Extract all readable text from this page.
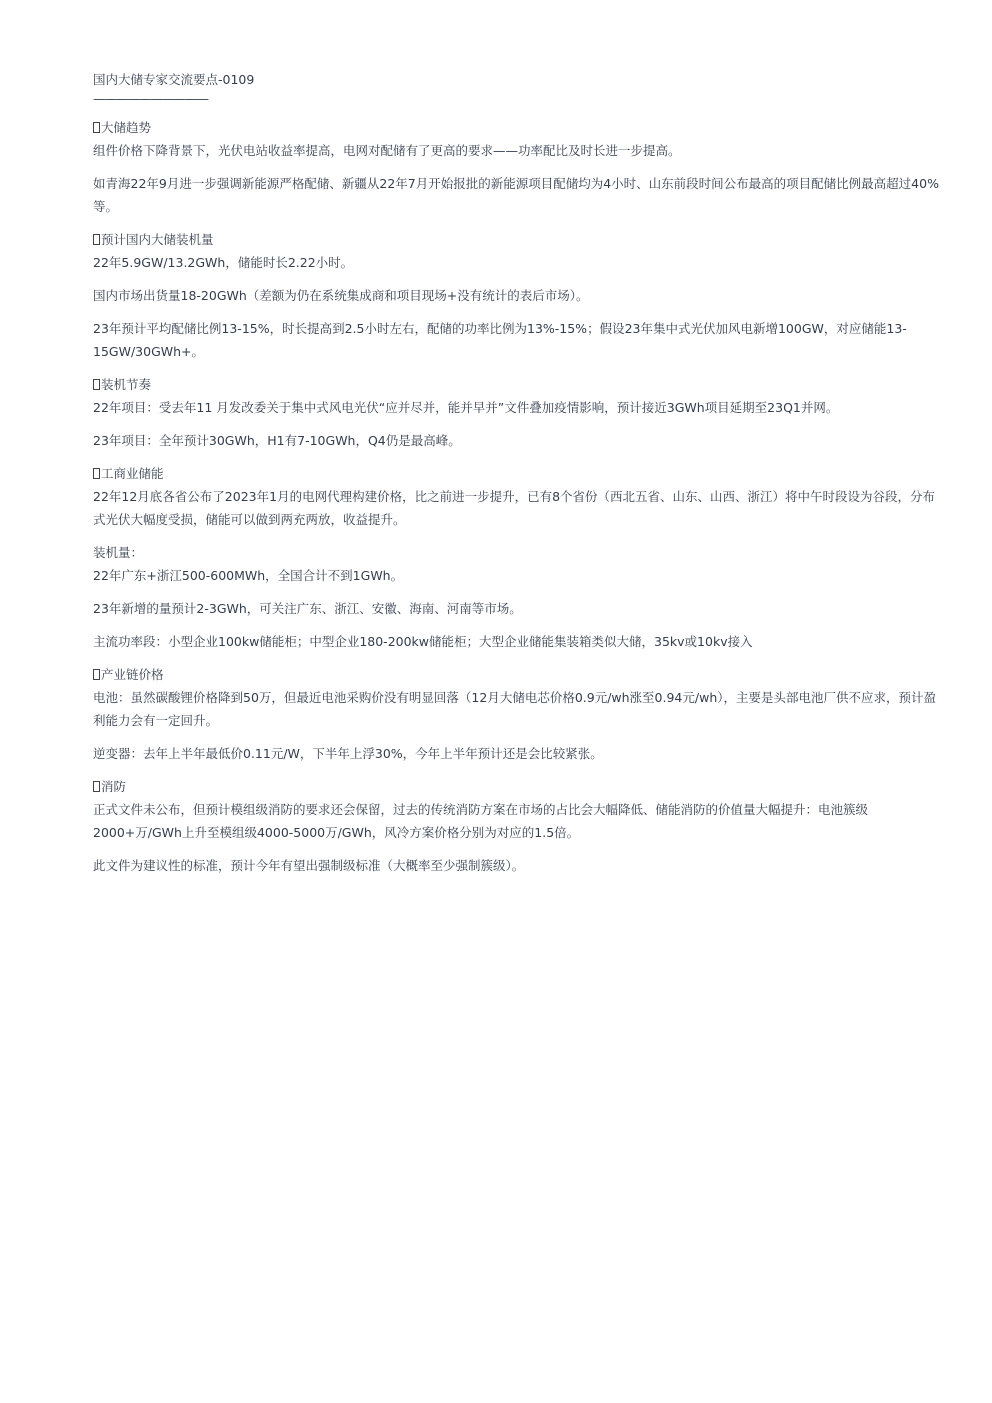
国内大储专家交流要点-0109
——————————
大储趋势
组件价格下降背景下，光伏电站收益率提高，电网对配储有了更高的要求——功率配比及时长进一步提高。
如青海22年9月进一步强调新能源严格配储、新疆从22年7月开始报批的新能源项目配储均为4小时、山东前段时间公布最高的项目配储比例最高超过40%等。
预计国内大储装机量
22年5.9GW/13.2GWh，储能时长2.22小时。
国内市场出货量18-20GWh（差额为仍在系统集成商和项目现场+没有统计的表后市场）。
23年预计平均配储比例13-15%，时长提高到2.5小时左右，配储的功率比例为13%-15%；假设23年集中式光伏加风电新增100GW，对应储能13-15GW/30GWh+。
装机节奏
22年项目：受去年11 月发改委关于集中式风电光伏“应并尽并，能并早并”文件叠加疫情影响，预计接近3GWh项目延期至23Q1并网。
23年项目：全年预计30GWh，H1有7-10GWh，Q4仍是最高峰。
工商业储能
22年12月底各省公布了2023年1月的电网代理构建价格，比之前进一步提升，已有8个省份（西北五省、山东、山西、浙江）将中午时段设为谷段，分布式光伏大幅度受损，储能可以做到两充两放，收益提升。
装机量：
22年广东+浙江500-600MWh，全国合计不到1GWh。
23年新增的量预计2-3GWh，可关注广东、浙江、安徽、海南、河南等市场。
主流功率段：小型企业100kw储能柜；中型企业180-200kw储能柜；大型企业储能集装箱类似大储，35kv或10kv接入
产业链价格
电池：虽然碳酸锂价格降到50万，但最近电池采购价没有明显回落（12月大储电芯价格0.9元/wh涨至0.94元/wh），主要是头部电池厂供不应求，预计盈利能力会有一定回升。
逆变器：去年上半年最低价0.11元/W，下半年上浮30%，今年上半年预计还是会比较紧张。
消防
正式文件未公布，但预计模组级消防的要求还会保留，过去的传统消防方案在市场的占比会大幅降低、储能消防的价值量大幅提升：电池簇级2000+万/GWh上升至模组级4000-5000万/GWh，风冷方案价格分别为对应的1.5倍。
此文件为建议性的标准，预计今年有望出强制级标准（大概率至少强制簇级）。
